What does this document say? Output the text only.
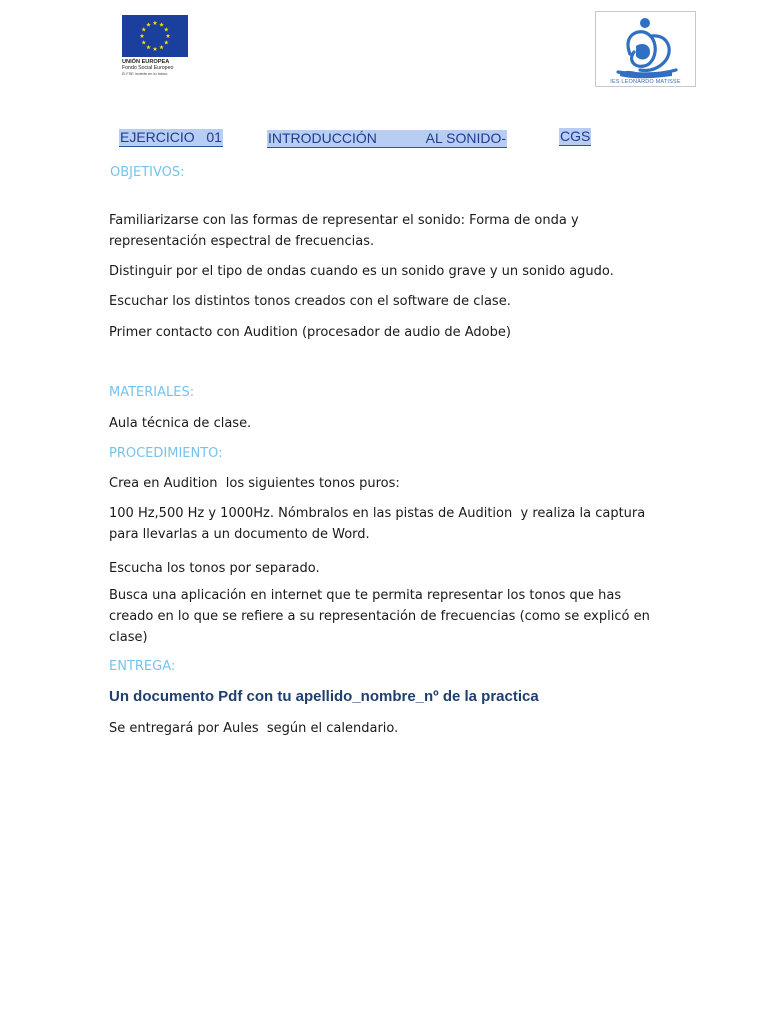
UNIÓN EUROPEA
Fondo Social Europeo
El FSE invierte en tu futuro
IES LEONARDO MATISSE
EJERCICIO   01	INTRODUCCIÓN	AL SONIDO-	CGS
OBJETIVOS:
Familiarizarse con las formas de representar el sonido: Forma de onda y representación espectral de frecuencias.
Distinguir por el tipo de ondas cuando es un sonido grave y un sonido agudo.
Escuchar los distintos tonos creados con el software de clase.
Primer contacto con Audition (procesador de audio de Adobe)
MATERIALES:
Aula técnica de clase.
PROCEDIMIENTO:
Crea en Audition  los siguientes tonos puros:
100 Hz,500 Hz y 1000Hz. Nómbralos en las pistas de Audition  y realiza la captura para llevarlas a un documento de Word.
Escucha los tonos por separado.
Busca una aplicación en internet que te permita representar los tonos que has creado en lo que se refiere a su representación de frecuencias (como se explicó en clase)
ENTREGA:
Un documento Pdf con tu apellido_nombre_nº de la practica
Se entregará por Aules  según el calendario.
